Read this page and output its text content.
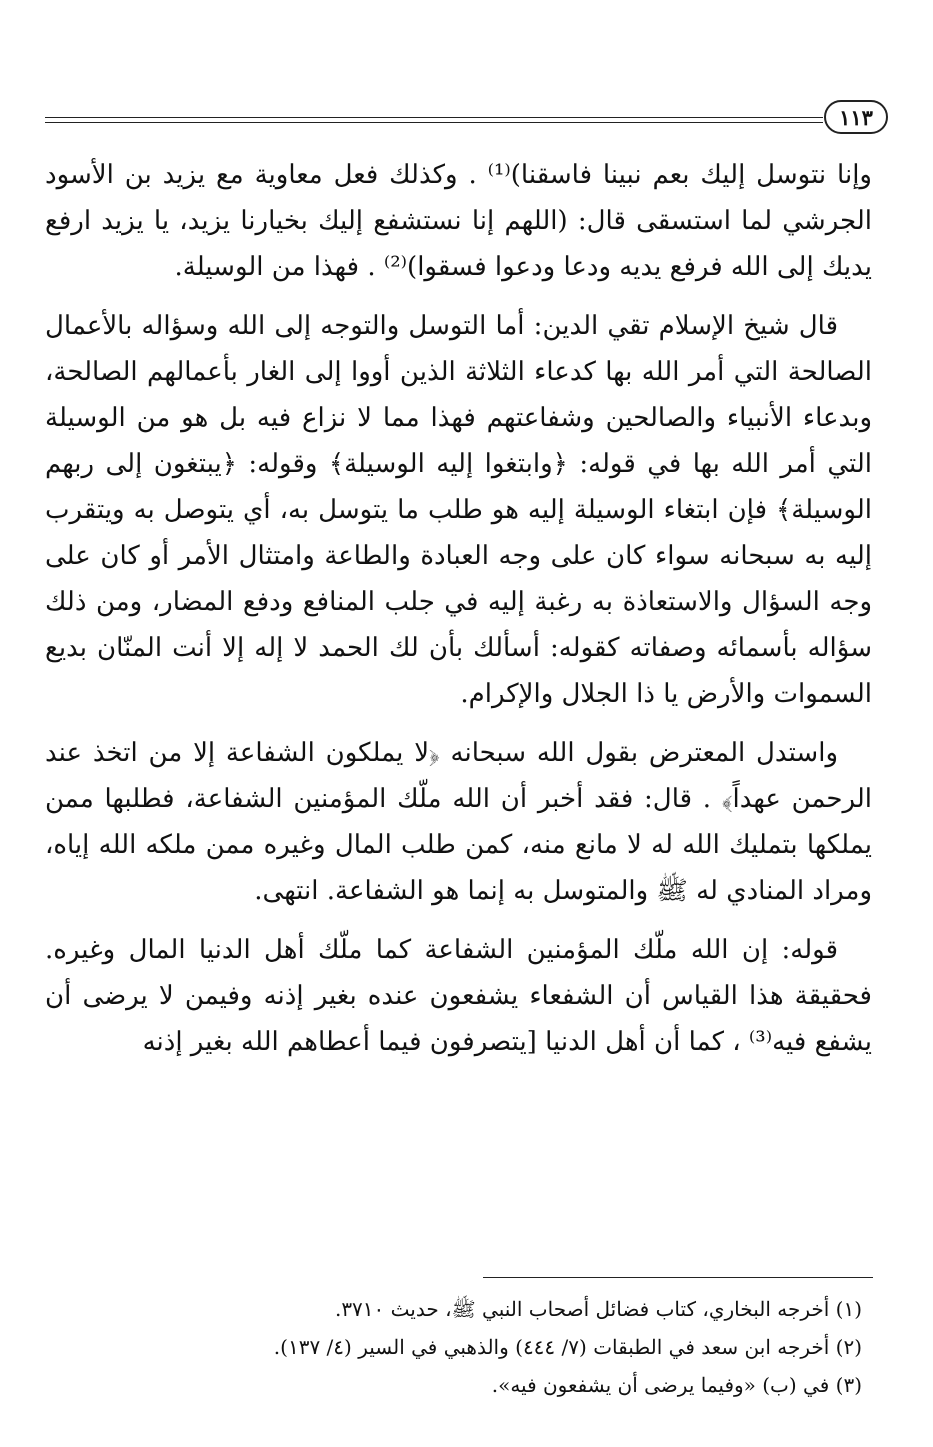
١١٣

وإنا نتوسل إليك بعم نبينا فاسقنا)⁽¹⁾ . وكذلك فعل معاوية مع يزيد بن الأسود الجرشي لما استسقى قال: (اللهم إنا نستشفع إليك بخيارنا يزيد، يا يزيد ارفع يديك إلى الله فرفع يديه ودعا ودعوا فسقوا)⁽²⁾ . فهذا من الوسيلة.

قال شيخ الإسلام تقي الدين: أما التوسل والتوجه إلى الله وسؤاله بالأعمال الصالحة التي أمر الله بها كدعاء الثلاثة الذين أووا إلى الغار بأعمالهم الصالحة، وبدعاء الأنبياء والصالحين وشفاعتهم فهذا مما لا نزاع فيه بل هو من الوسيلة التي أمر الله بها في قوله: ﴿وابتغوا إليه الوسيلة﴾ وقوله: ﴿يبتغون إلى ربهم الوسيلة﴾ فإن ابتغاء الوسيلة إليه هو طلب ما يتوسل به، أي يتوصل به ويتقرب إليه به سبحانه سواء كان على وجه العبادة والطاعة وامتثال الأمر أو كان على وجه السؤال والاستعاذة به رغبة إليه في جلب المنافع ودفع المضار، ومن ذلك سؤاله بأسمائه وصفاته كقوله: أسألك بأن لك الحمد لا إله إلا أنت المنّان بديع السموات والأرض يا ذا الجلال والإكرام.

واستدل المعترض بقول الله سبحانه ﴿لا يملكون الشفاعة إلا من اتخذ عند الرحمن عهداً﴾ . قال: فقد أخبر أن الله ملّك المؤمنين الشفاعة، فطلبها ممن يملكها بتمليك الله له لا مانع منه، كمن طلب المال وغيره ممن ملكه الله إياه، ومراد المنادي له ﷺ والمتوسل به إنما هو الشفاعة. انتهى.

قوله: إن الله ملّك المؤمنين الشفاعة كما ملّك أهل الدنيا المال وغيره. فحقيقة هذا القياس أن الشفعاء يشفعون عنده بغير إذنه وفيمن لا يرضى أن يشفع فيه⁽³⁾ ، كما أن أهل الدنيا [يتصرفون فيما أعطاهم الله بغير إذنه

(١) أخرجه البخاري، كتاب فضائل أصحاب النبي ﷺ، حديث ٣٧١٠.
(٢) أخرجه ابن سعد في الطبقات (٧/ ٤٤٤) والذهبي في السير (٤/ ١٣٧).
(٣) في (ب) «وفيما يرضى أن يشفعون فيه».
